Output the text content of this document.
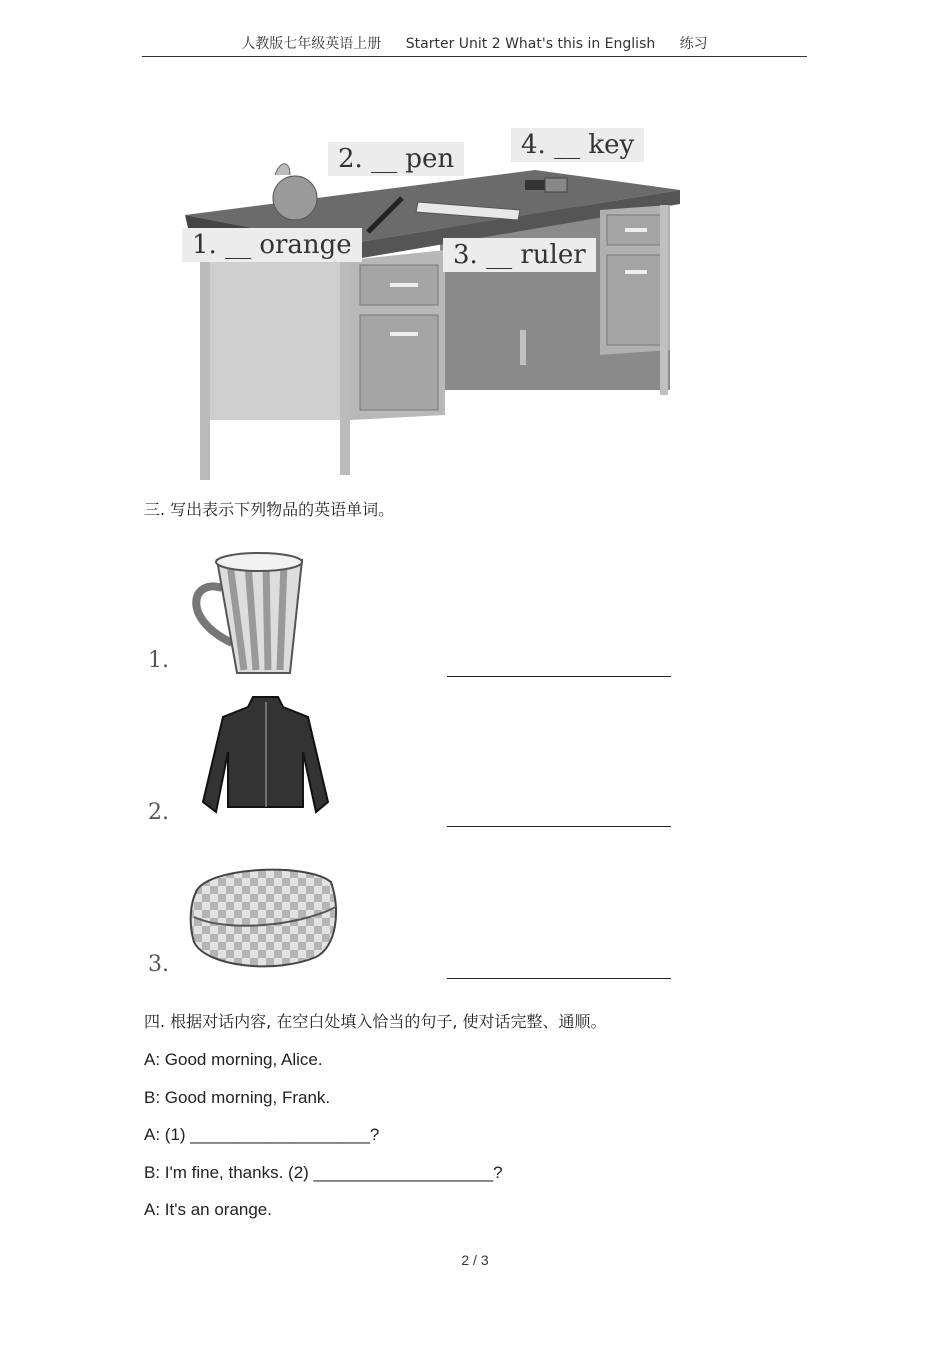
人教版七年级英语上册 Starter Unit 2 What's this in English 练习
1. __ orange
2. __ pen
3. __ ruler
4. __ key
三. 写出表示下列物品的英语单词。
1.
2.
3.
四. 根据对话内容, 在空白处填入恰当的句子, 使对话完整、通顺。
A: Good morning, Alice.
B: Good morning, Frank.
A: (1) ___________________?
B: I'm fine, thanks. (2) ___________________?
A: It's an orange.
2 / 3
